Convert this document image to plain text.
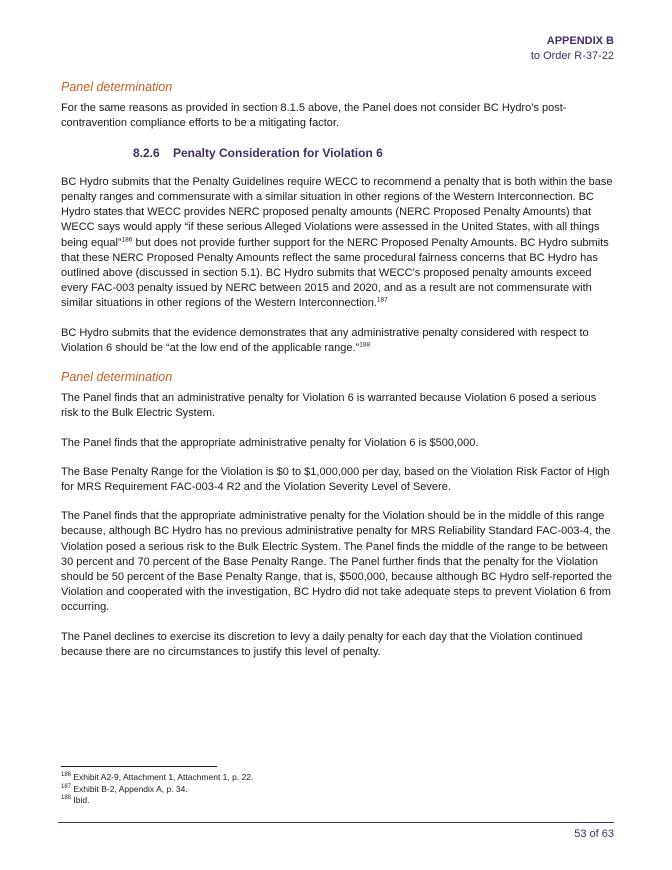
APPENDIX B
to Order R-37-22
Panel determination

For the same reasons as provided in section 8.1.5 above, the Panel does not consider BC Hydro’s post-contravention compliance efforts to be a mitigating factor.

8.2.6 Penalty Consideration for Violation 6

BC Hydro submits that the Penalty Guidelines require WECC to recommend a penalty that is both within the base penalty ranges and commensurate with a similar situation in other regions of the Western Interconnection. BC Hydro states that WECC provides NERC proposed penalty amounts (NERC Proposed Penalty Amounts) that WECC says would apply “if these serious Alleged Violations were assessed in the United States, with all things being equal”$^{186}$ but does not provide further support for the NERC Proposed Penalty Amounts. BC Hydro submits that these NERC Proposed Penalty Amounts reflect the same procedural fairness concerns that BC Hydro has outlined above (discussed in section 5.1). BC Hydro submits that WECC’s proposed penalty amounts exceed every FAC-003 penalty issued by NERC between 2015 and 2020, and as a result are not commensurate with similar situations in other regions of the Western Interconnection.$^{187}$

BC Hydro submits that the evidence demonstrates that any administrative penalty considered with respect to Violation 6 should be “at the low end of the applicable range.”$^{188}$

Panel determination

The Panel finds that an administrative penalty for Violation 6 is warranted because Violation 6 posed a serious risk to the Bulk Electric System.

The Panel finds that the appropriate administrative penalty for Violation 6 is $500,000.

The Base Penalty Range for the Violation is $0 to $1,000,000 per day, based on the Violation Risk Factor of High for MRS Requirement FAC-003-4 R2 and the Violation Severity Level of Severe.

The Panel finds that the appropriate administrative penalty for the Violation should be in the middle of this range because, although BC Hydro has no previous administrative penalty for MRS Reliability Standard FAC-003-4, the Violation posed a serious risk to the Bulk Electric System. The Panel finds the middle of the range to be between 30 percent and 70 percent of the Base Penalty Range. The Panel further finds that the penalty for the Violation should be 50 percent of the Base Penalty Range, that is, $500,000, because although BC Hydro self-reported the Violation and cooperated with the investigation, BC Hydro did not take adequate steps to prevent Violation 6 from occurring.

The Panel declines to exercise its discretion to levy a daily penalty for each day that the Violation continued because there are no circumstances to justify this level of penalty.

$^{186}$ Exhibit A2-9, Attachment 1, Attachment 1, p. 22.
$^{187}$ Exhibit B-2, Appendix A, p. 34.
$^{188}$ Ibid.
53 of 63
